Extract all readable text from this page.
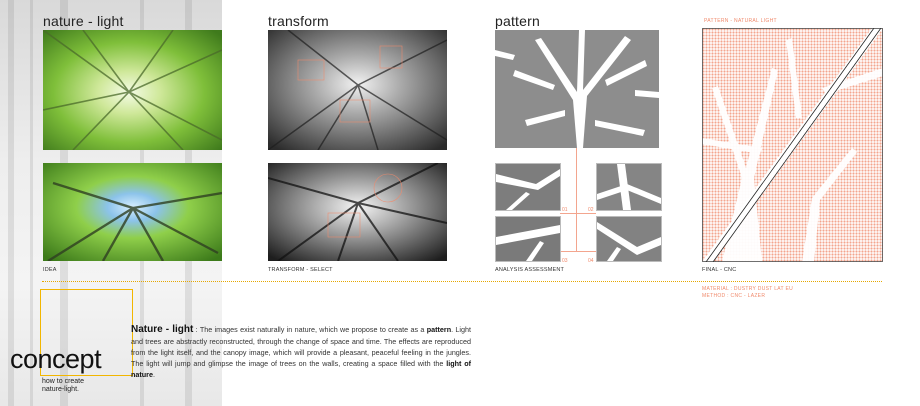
nature - light	transform	pattern	PATTERN - NATURAL LIGHT
IDEA	TRANSFORM - SELECT
01	02
03	04
ANALYSIS ASSESSMENT	FINAL - CNC
MATERIAL : DUSTRY DUST LAT EU
METHOD : CNC - LAZER
concept
how to create
nature-light.
Nature - light : The images exist naturally in nature, which we propose to create as a pattern. Light and trees are abstractly reconstructed, through the change of space and time. The effects are reproduced from the light itself, and the canopy image, which will provide a pleasant, peaceful feeling in the jungles. The light will jump and glimpse the image of trees on the walls, creating a space filled with the light of nature.
